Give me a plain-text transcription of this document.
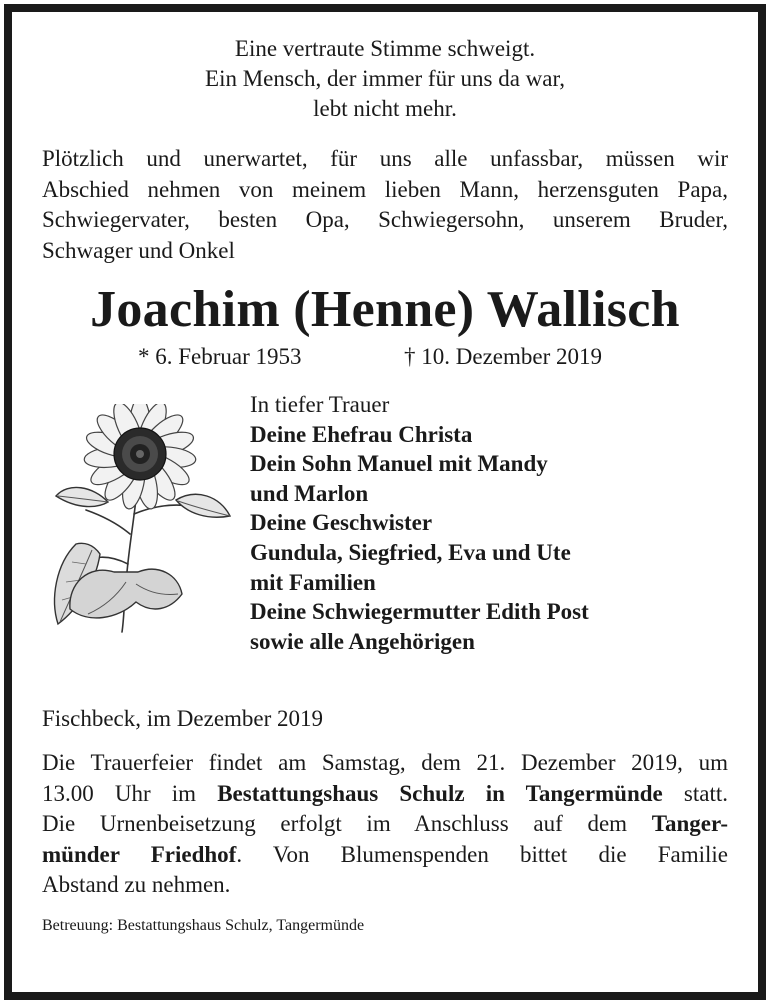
Eine vertraute Stimme schweigt.
Ein Mensch, der immer für uns da war,
lebt nicht mehr.
Plötzlich und unerwartet, für uns alle unfassbar, müssen wir
Abschied nehmen von meinem lieben Mann, herzensguten Papa,
Schwiegervater, besten Opa, Schwiegersohn, unserem Bruder,
Schwager und Onkel
Joachim (Henne) Wallisch
* 6. Februar 1953	† 10. Dezember 2019
In tiefer Trauer
Deine Ehefrau Christa
Dein Sohn Manuel mit Mandy
und Marlon
Deine Geschwister
Gundula, Siegfried, Eva und Ute
mit Familien
Deine Schwiegermutter Edith Post
sowie alle Angehörigen
Fischbeck, im Dezember 2019
Die Trauerfeier findet am Samstag, dem 21. Dezember 2019, um
13.00 Uhr im Bestattungshaus Schulz in Tangermünde statt.
Die Urnenbeisetzung erfolgt im Anschluss auf dem Tanger-
münder Friedhof. Von Blumenspenden bittet die Familie
Abstand zu nehmen.
Betreuung: Bestattungshaus Schulz, Tangermünde
